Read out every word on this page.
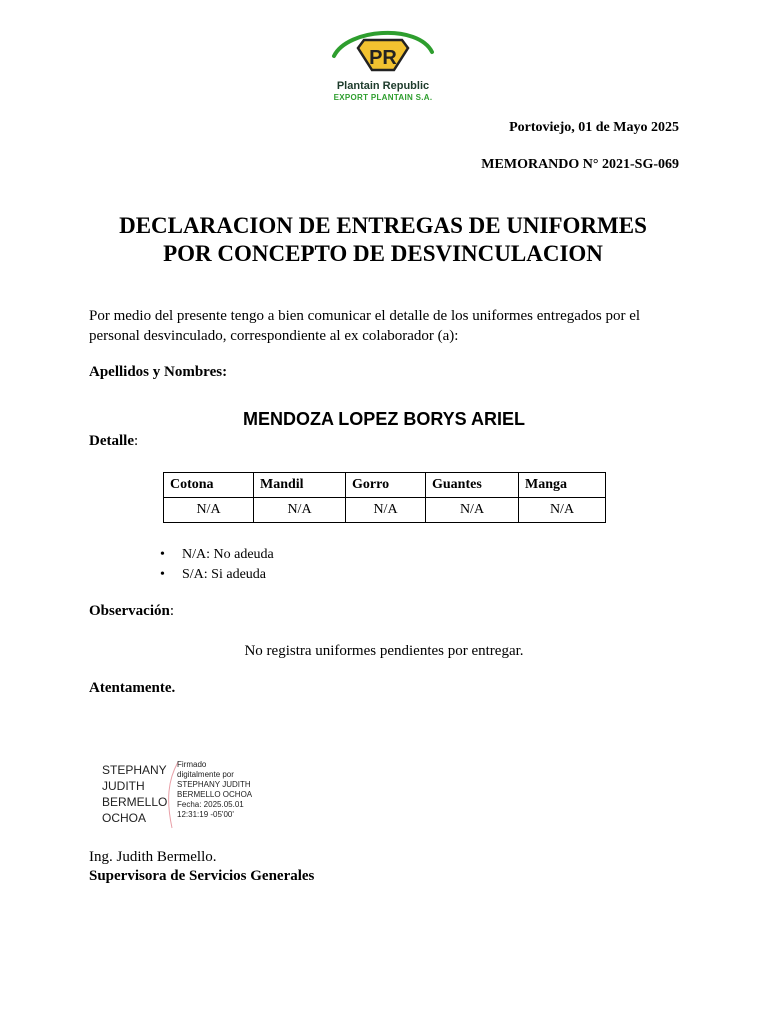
PR
Plantain Republic
EXPORT PLANTAIN S.A.
Portoviejo, 01 de Mayo 2025
MEMORANDO N° 2021-SG-069
DECLARACION DE ENTREGAS DE UNIFORMES
POR CONCEPTO DE DESVINCULACION
Por medio del presente tengo a bien comunicar el detalle de los uniformes entregados por el personal desvinculado, correspondiente al ex colaborador (a):
Apellidos y Nombres:
MENDOZA LOPEZ BORYS ARIEL
Detalle:
Cotona	Mandil	Gorro	Guantes	Manga
N/A	N/A	N/A	N/A	N/A
• N/A: No adeuda
• S/A: Si adeuda
Observación:
No registra uniformes pendientes por entregar.
Atentamente.
STEPHANY
JUDITH
BERMELLO
OCHOA
Firmado
digitalmente por
STEPHANY JUDITH
BERMELLO OCHOA
Fecha: 2025.05.01
12:31:19 -05'00'
Ing. Judith Bermello.
Supervisora de Servicios Generales
